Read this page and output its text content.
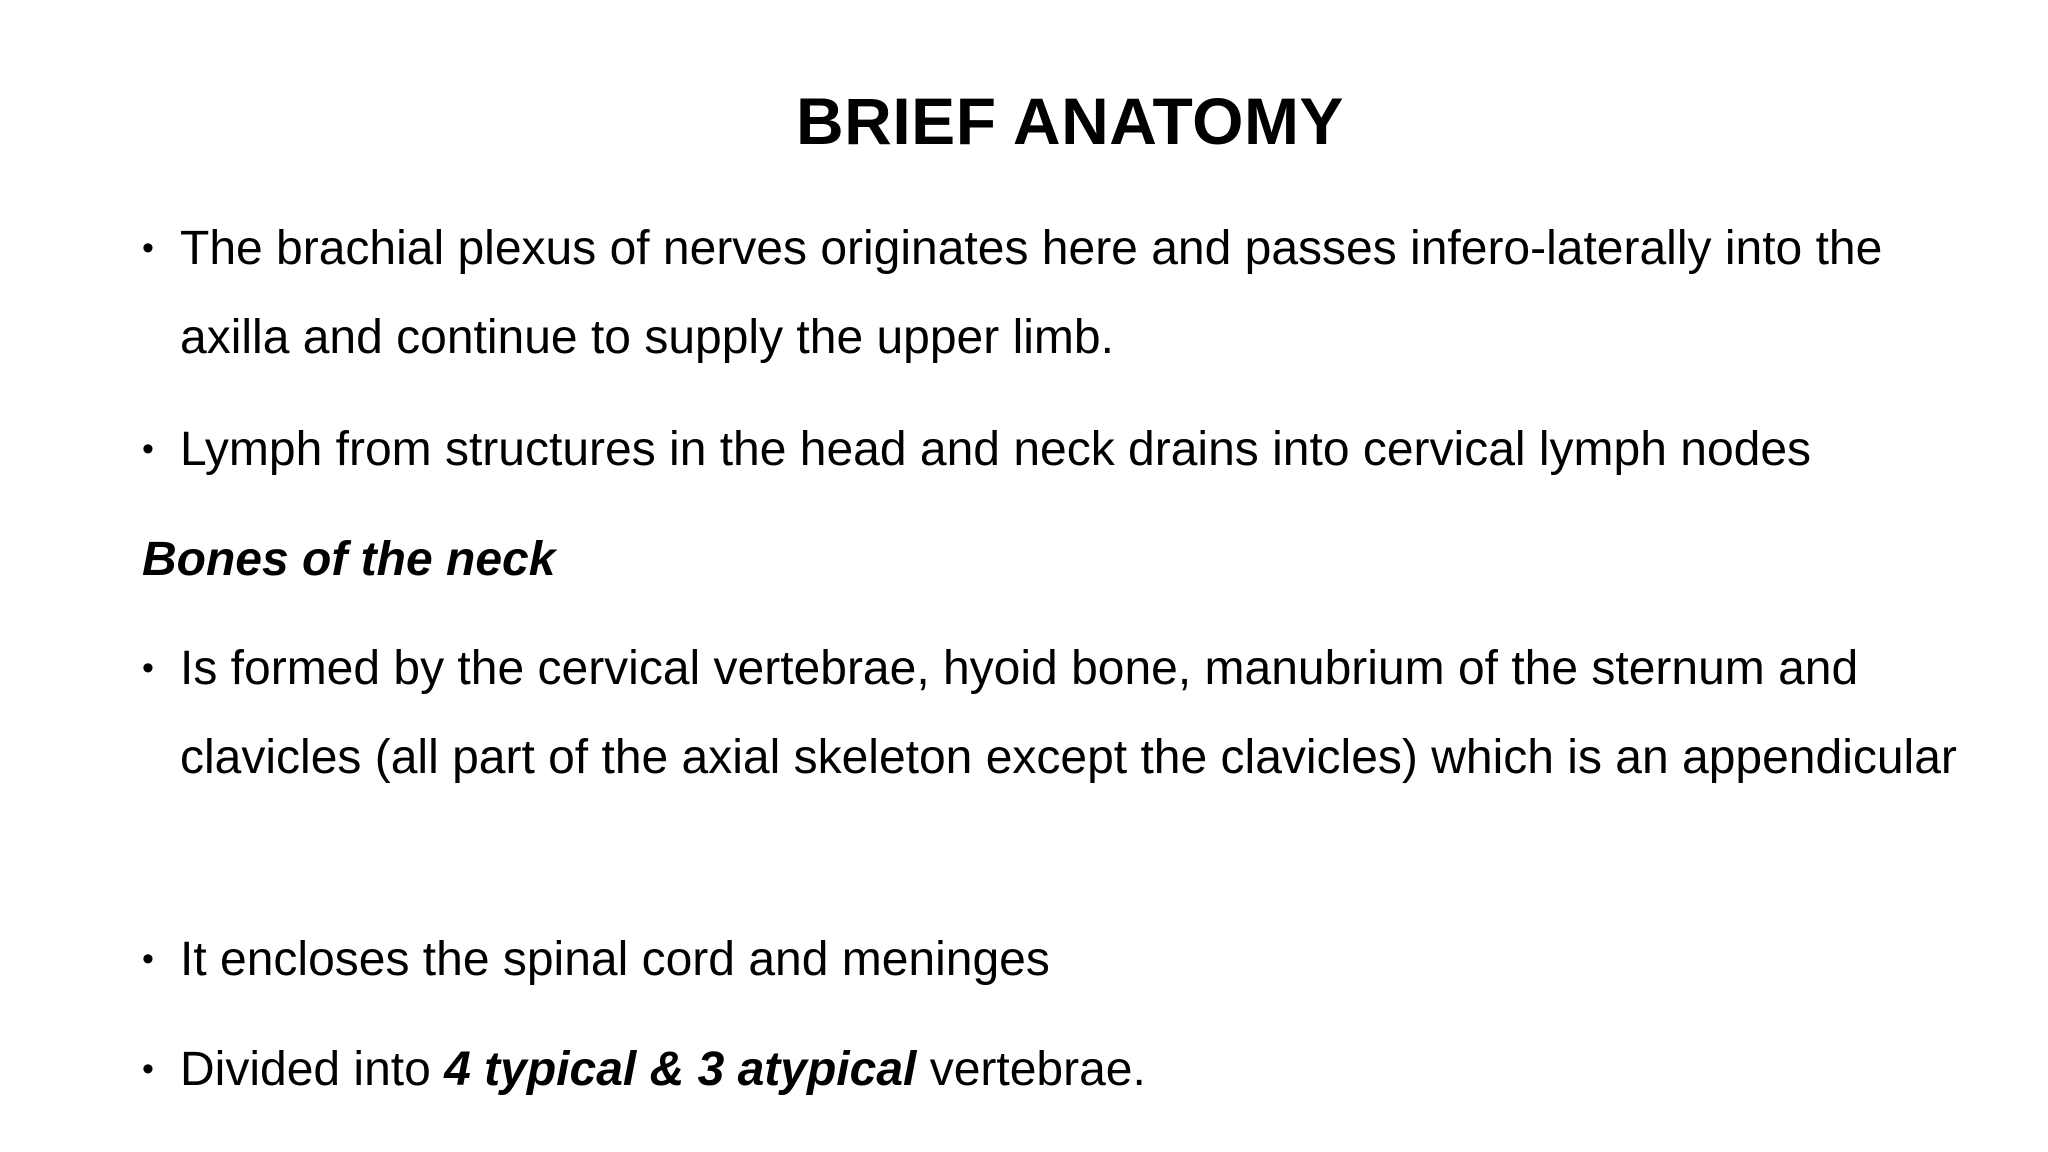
BRIEF ANATOMY
• The brachial plexus of nerves originates here and passes infero-laterally into the axilla and continue to supply the upper limb.
• Lymph from structures in the head and neck drains into cervical lymph nodes
Bones of the neck
• Is formed by the cervical vertebrae, hyoid bone, manubrium of the sternum and clavicles (all part of the axial skeleton except the clavicles) which is an appendicular
• It encloses the spinal cord and meninges
• Divided into 4 typical & 3 atypical vertebrae.
